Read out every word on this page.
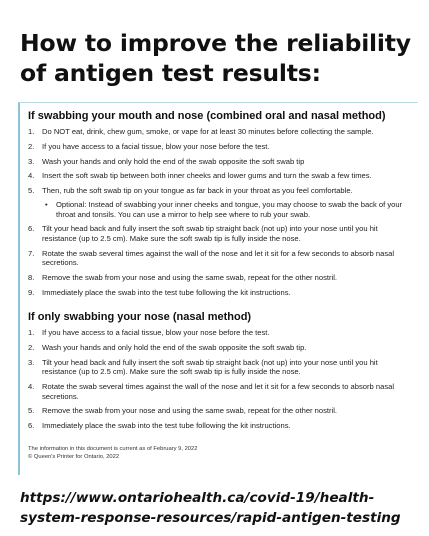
How to improve the reliability of antigen test results:
If swabbing your mouth and nose (combined oral and nasal method)
1. Do NOT eat, drink, chew gum, smoke, or vape for at least 30 minutes before collecting the sample.
2. If you have access to a facial tissue, blow your nose before the test.
3. Wash your hands and only hold the end of the swab opposite the soft swab tip
4. Insert the soft swab tip between both inner cheeks and lower gums and turn the swab a few times.
5. Then, rub the soft swab tip on your tongue as far back in your throat as you feel comfortable.
• Optional: Instead of swabbing your inner cheeks and tongue, you may choose to swab the back of your throat and tonsils. You can use a mirror to help see where to rub your swab.
6. Tilt your head back and fully insert the soft swab tip straight back (not up) into your nose until you hit resistance (up to 2.5 cm). Make sure the soft swab tip is fully inside the nose.
7. Rotate the swab several times against the wall of the nose and let it sit for a few seconds to absorb nasal secretions.
8. Remove the swab from your nose and using the same swab, repeat for the other nostril.
9. Immediately place the swab into the test tube following the kit instructions.
If only swabbing your nose (nasal method)
1. If you have access to a facial tissue, blow your nose before the test.
2. Wash your hands and only hold the end of the swab opposite the soft swab tip.
3. Tilt your head back and fully insert the soft swab tip straight back (not up) into your nose until you hit resistance (up to 2.5 cm). Make sure the soft swab tip is fully inside the nose.
4. Rotate the swab several times against the wall of the nose and let it sit for a few seconds to absorb nasal secretions.
5. Remove the swab from your nose and using the same swab, repeat for the other nostril.
6. Immediately place the swab into the test tube following the kit instructions.
The information in this document is current as of February 9, 2022
© Queen's Printer for Ontario, 2022
https://www.ontariohealth.ca/covid-19/health-system-response-resources/rapid-antigen-testing
